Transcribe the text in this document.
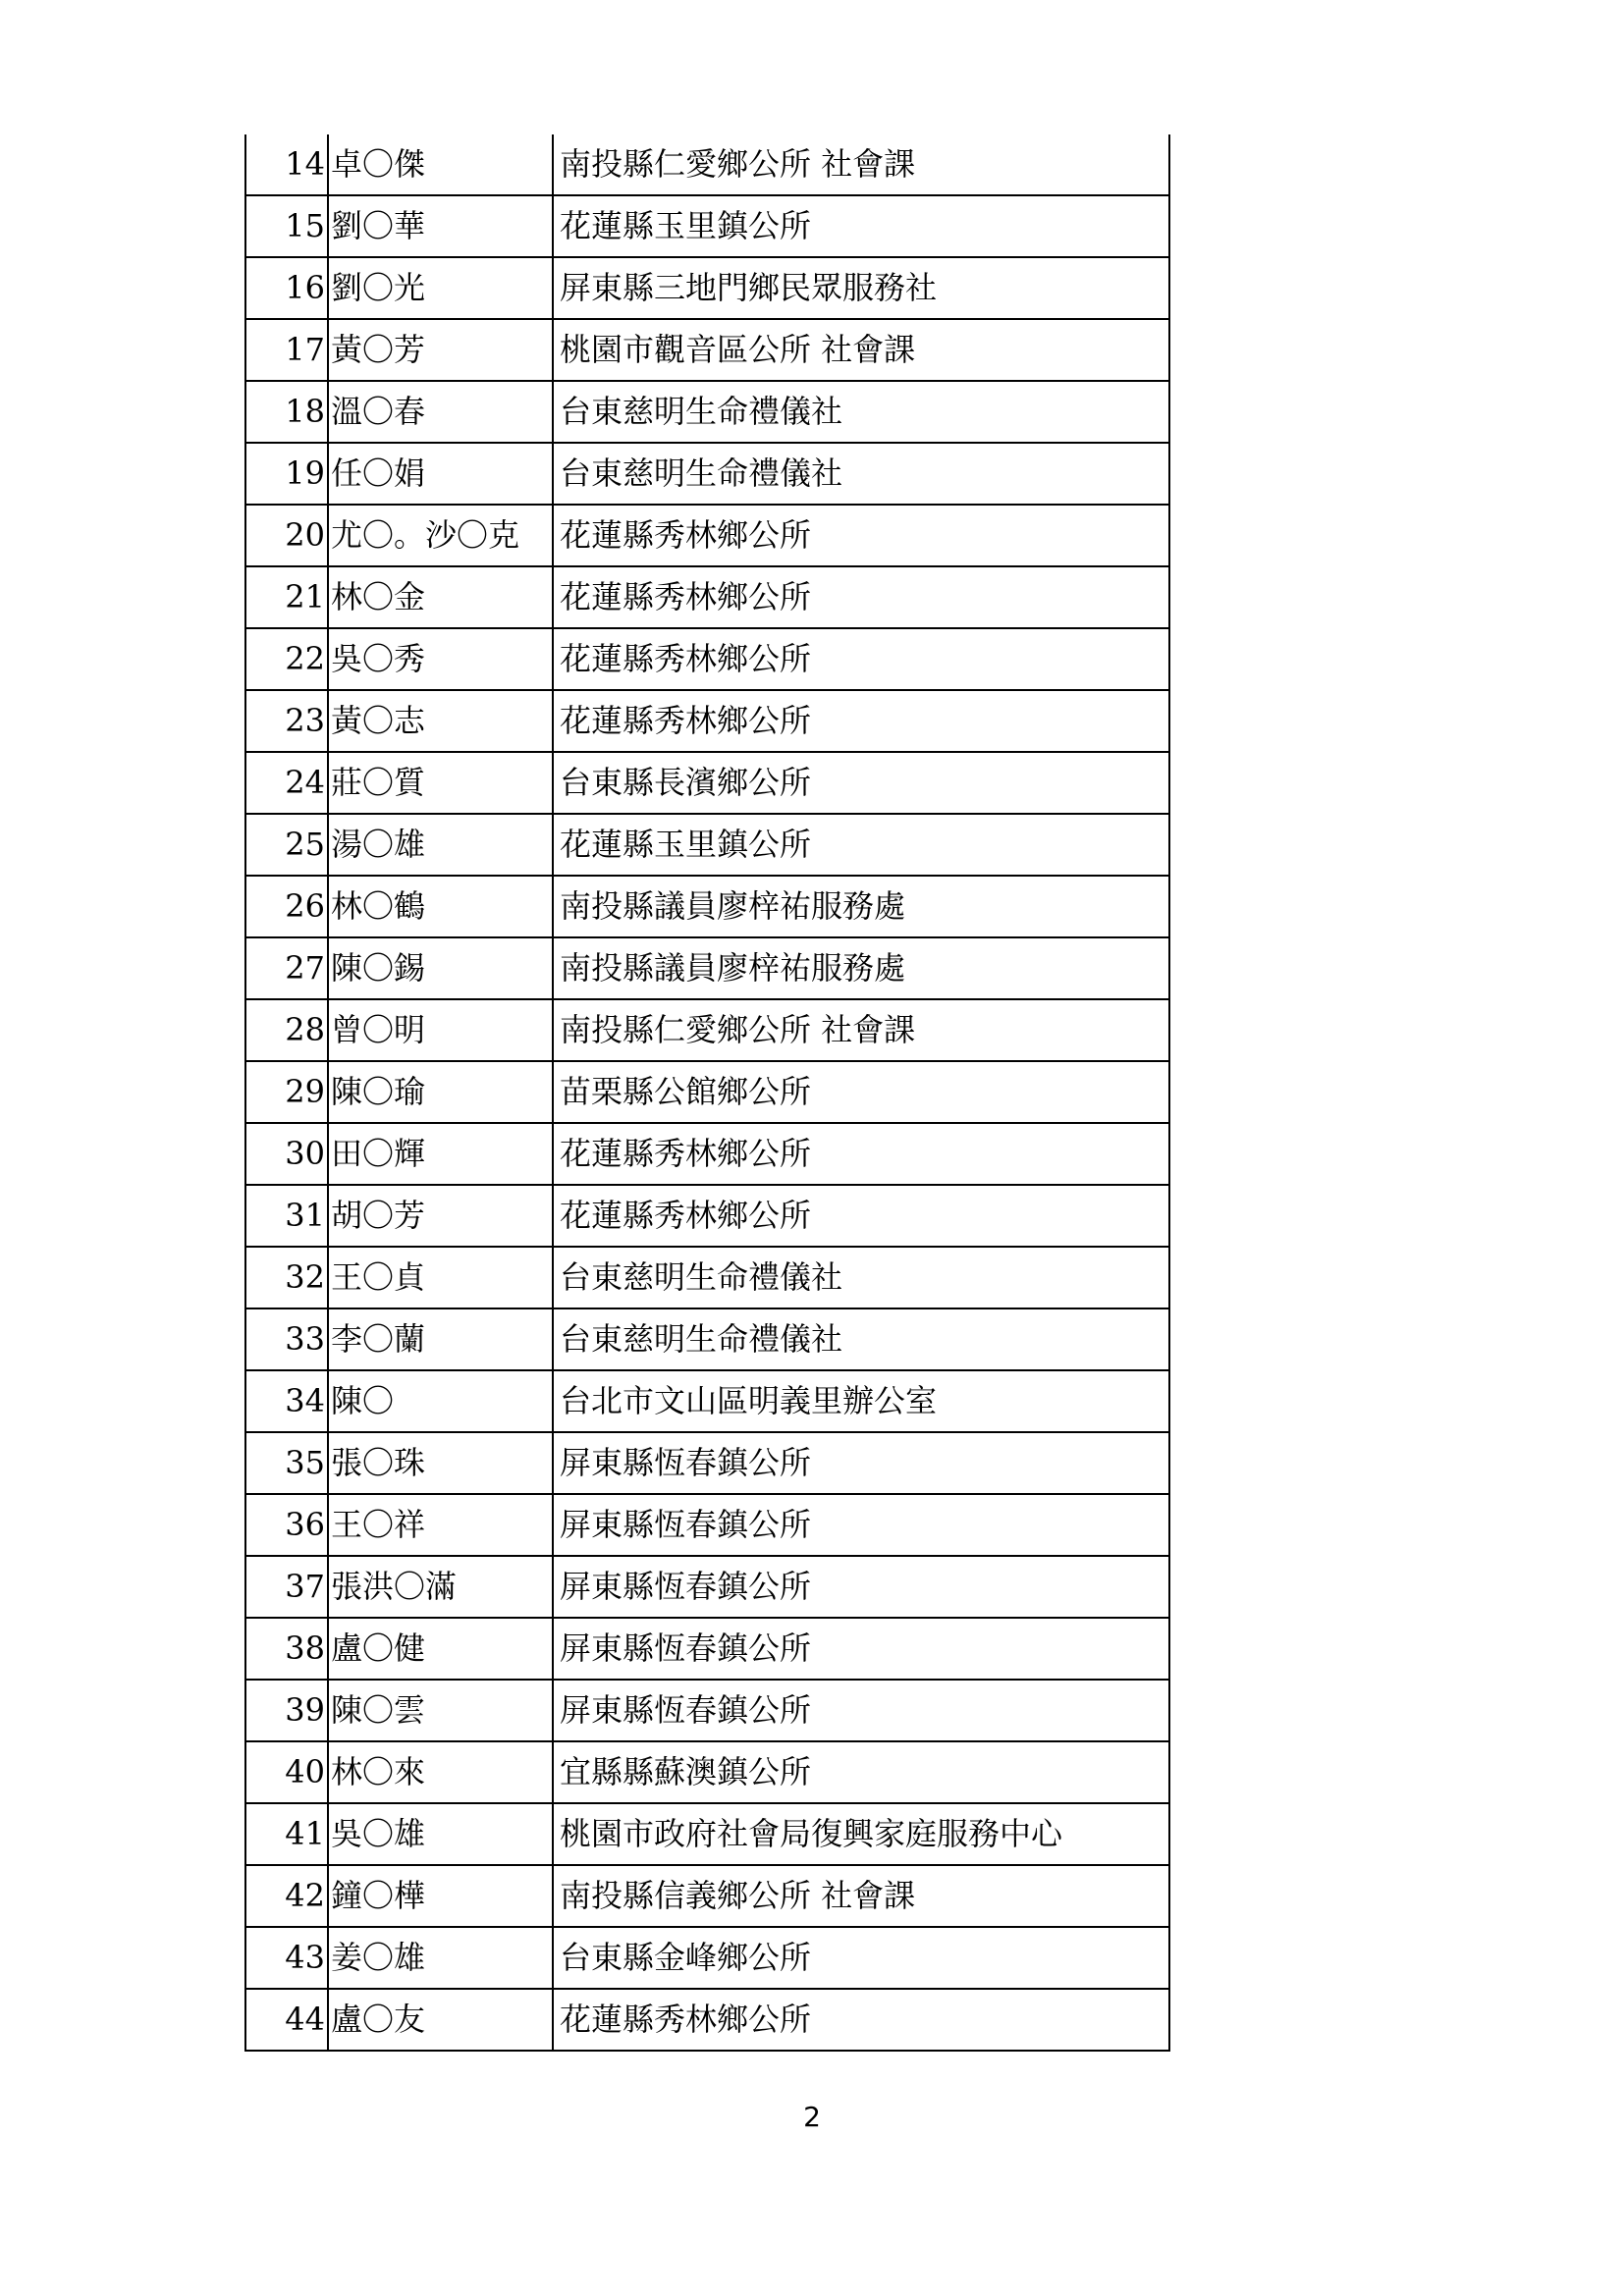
14	卓〇傑	南投縣仁愛鄉公所 社會課
15	劉〇華	花蓮縣玉里鎮公所
16	劉〇光	屏東縣三地門鄉民眾服務社
17	黃〇芳	桃園市觀音區公所 社會課
18	溫〇春	台東慈明生命禮儀社
19	任〇娟	台東慈明生命禮儀社
20	尤〇。沙〇克	花蓮縣秀林鄉公所
21	林〇金	花蓮縣秀林鄉公所
22	吳〇秀	花蓮縣秀林鄉公所
23	黃〇志	花蓮縣秀林鄉公所
24	莊〇質	台東縣長濱鄉公所
25	湯〇雄	花蓮縣玉里鎮公所
26	林〇鶴	南投縣議員廖梓祐服務處
27	陳〇錫	南投縣議員廖梓祐服務處
28	曾〇明	南投縣仁愛鄉公所 社會課
29	陳〇瑜	苗栗縣公館鄉公所
30	田〇輝	花蓮縣秀林鄉公所
31	胡〇芳	花蓮縣秀林鄉公所
32	王〇貞	台東慈明生命禮儀社
33	李〇蘭	台東慈明生命禮儀社
34	陳〇	台北市文山區明義里辦公室
35	張〇珠	屏東縣恆春鎮公所
36	王〇祥	屏東縣恆春鎮公所
37	張洪〇滿	屏東縣恆春鎮公所
38	盧〇健	屏東縣恆春鎮公所
39	陳〇雲	屏東縣恆春鎮公所
40	林〇來	宜縣縣蘇澳鎮公所
41	吳〇雄	桃園市政府社會局復興家庭服務中心
42	鐘〇樺	南投縣信義鄉公所 社會課
43	姜〇雄	台東縣金峰鄉公所
44	盧〇友	花蓮縣秀林鄉公所
2
